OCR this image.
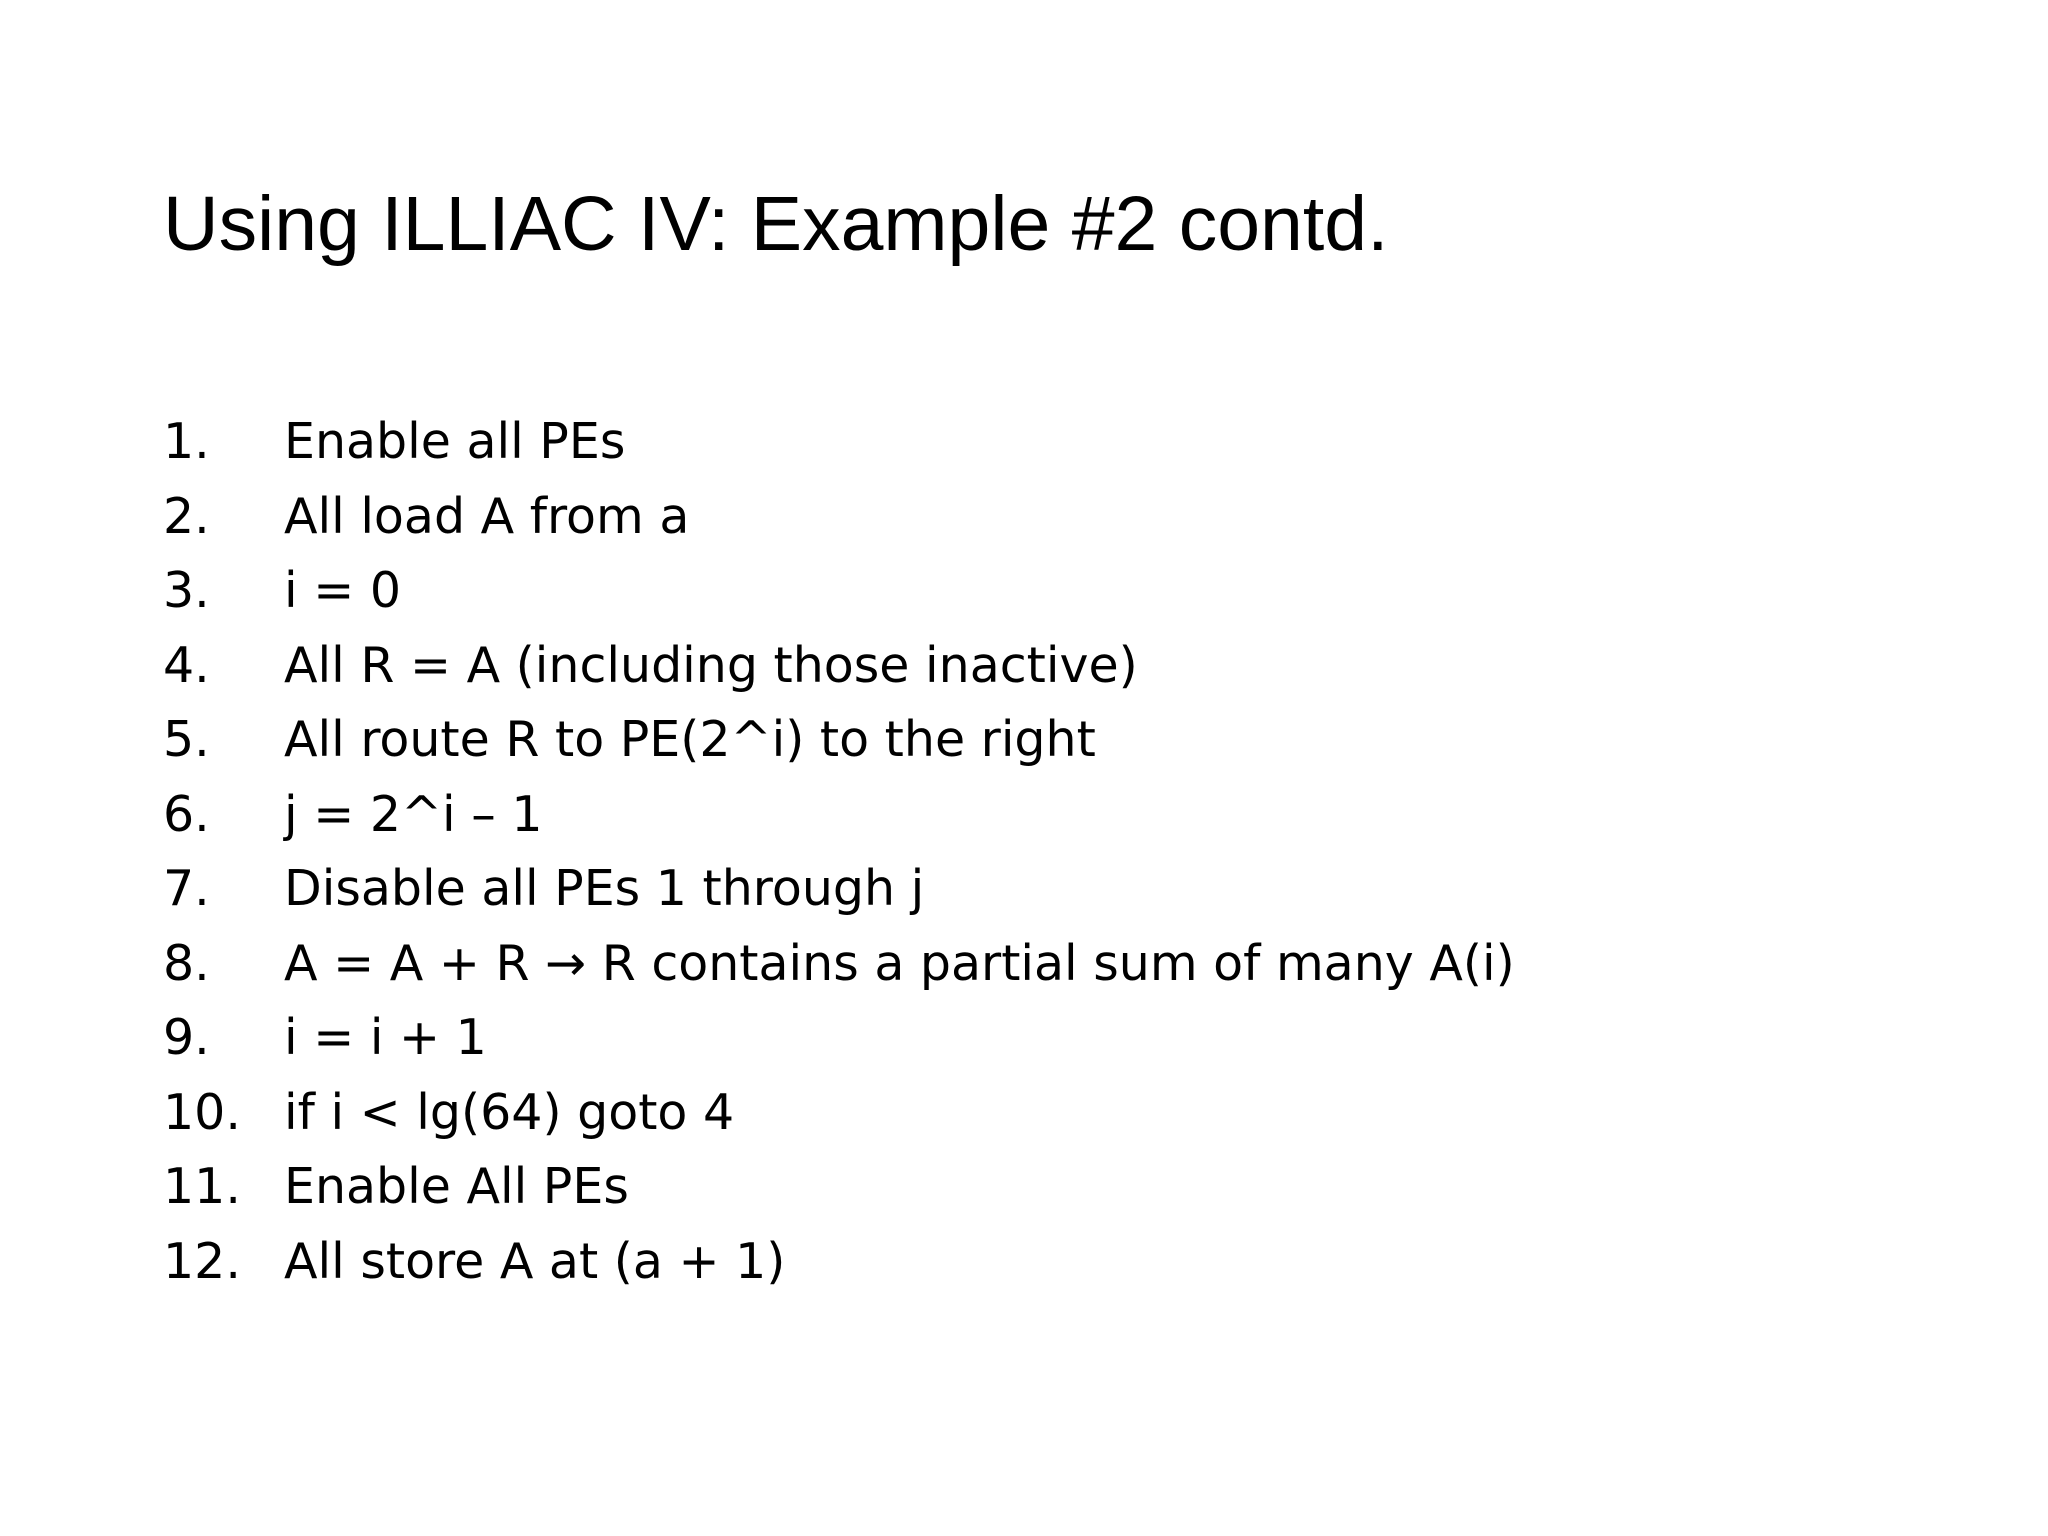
Using ILLIAC IV: Example #2 contd.
1. Enable all PEs
2. All load A from a
3. i = 0
4. All R = A (including those inactive)
5. All route R to PE(2^i) to the right
6. j = 2^i – 1
7. Disable all PEs 1 through j
8. A = A + R → R contains a partial sum of many A(i)
9. i = i + 1
10. if i < lg(64) goto 4
11. Enable All PEs
12. All store A at (a + 1)
